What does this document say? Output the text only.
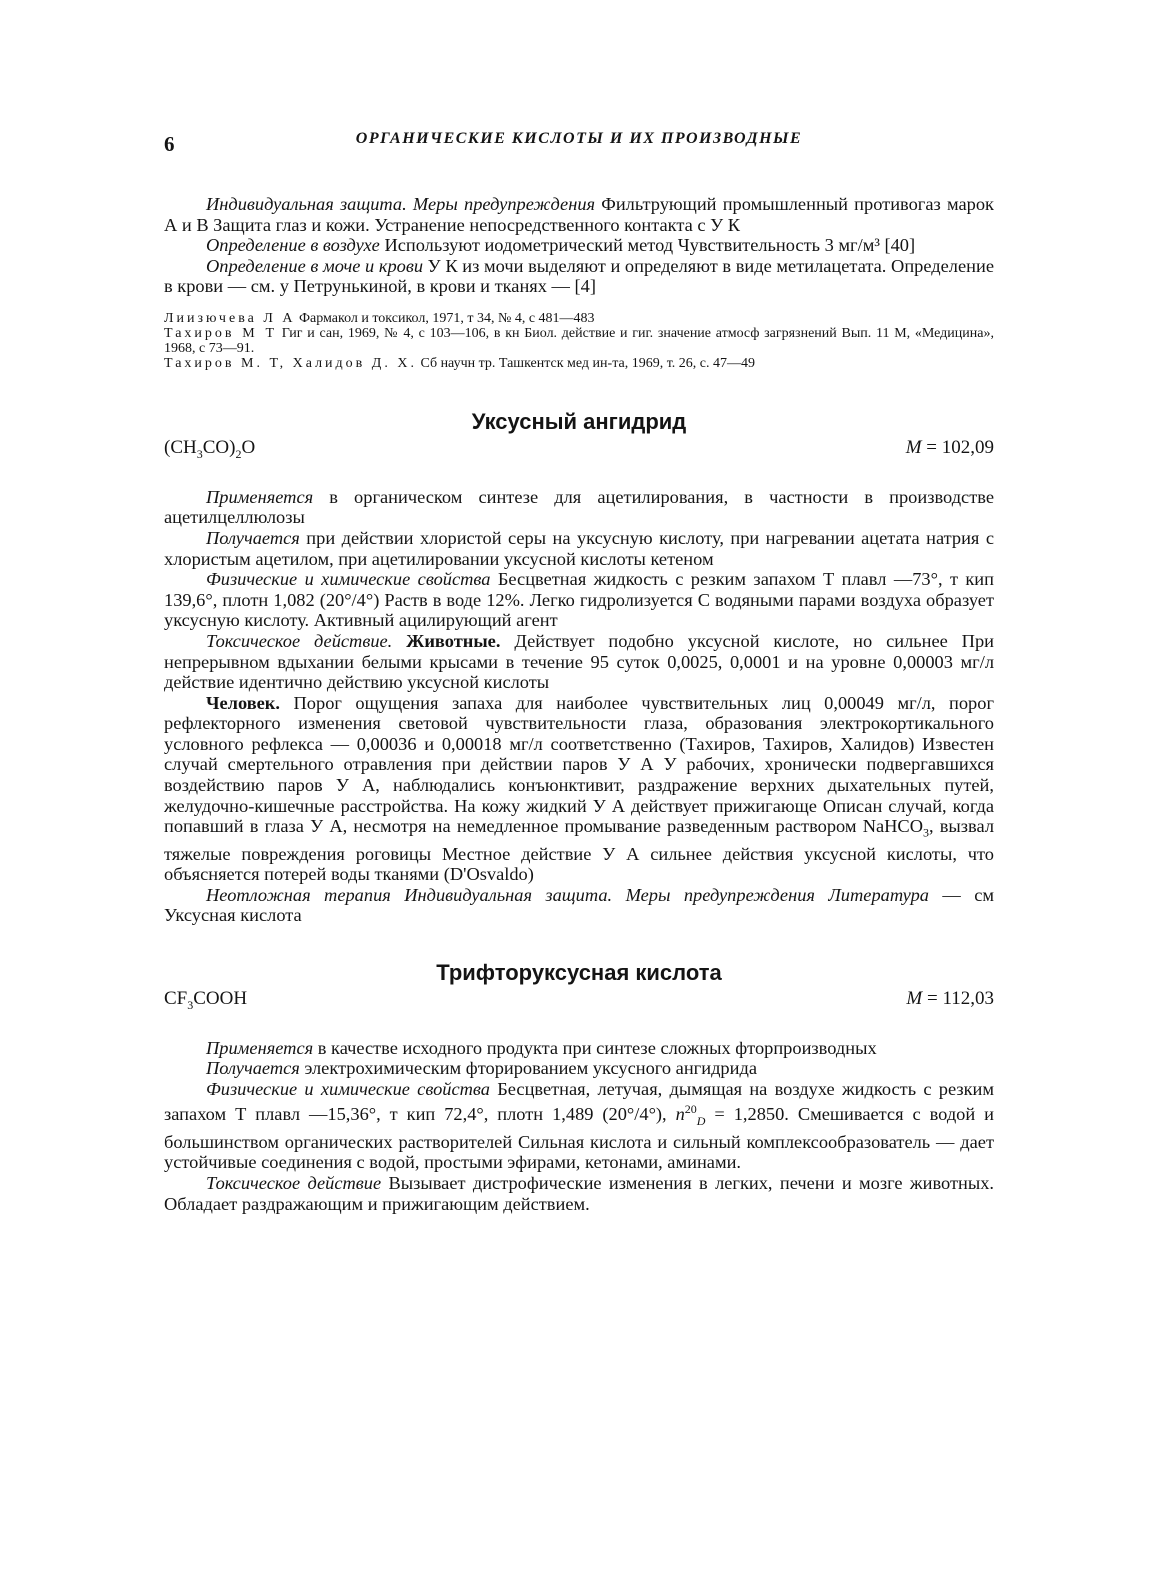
6	ОРГАНИЧЕСКИЕ КИСЛОТЫ И ИХ ПРОИЗВОДНЫЕ

Индивидуальная защита. Меры предупреждения Фильтрующий промышленный противогаз марок А и В Защита глаз и кожи. Устранение непосредственного контакта с У К

Определение в воздухе Используют иодометрический метод Чувствительность 3 мг/м³ [40]

Определение в моче и крови У К из мочи выделяют и определяют в виде метилацетата. Определение в крови — см. у Петрунькиной, в крови и тканях — [4]

Лиизючева Л А Фармакол и токсикол, 1971, т 34, № 4, с 481—483

Тахиров М Т Гиг и сан, 1969, № 4, с 103—106, в кн Биол. действие и гиг. значение атмосф загрязнений Вып. 11 М, «Медицина», 1968, с 73—91.

Тахиров М. Т, Халидов Д. Х. Сб научн тр. Ташкентск мед ин-та, 1969, т. 26, с. 47—49

Уксусный ангидрид
$(CH_3CO)_2O$	M = 102,09

Применяется в органическом синтезе для ацетилирования, в частности в производстве ацетилцеллюлозы

Получается при действии хлористой серы на уксусную кислоту, при нагревании ацетата натрия с хлористым ацетилом, при ацетилировании уксусной кислоты кетеном

Физические и химические свойства Бесцветная жидкость с резким запахом Т плавл —73°, т кип 139,6°, плотн 1,082 (20°/4°) Раств в воде 12%. Легко гидролизуется С водяными парами воздуха образует уксусную кислоту. Активный ацилирующий агент

Токсическое действие. Животные. Действует подобно уксусной кислоте, но сильнее При непрерывном вдыхании белыми крысами в течение 95 суток 0,0025, 0,0001 и на уровне 0,00003 мг/л действие идентично действию уксусной кислоты

Человек. Порог ощущения запаха для наиболее чувствительных лиц 0,00049 мг/л, порог рефлекторного изменения световой чувствительности глаза, образования электрокортикального условного рефлекса — 0,00036 и 0,00018 мг/л соответственно (Тахиров, Тахиров, Халидов) Известен случай смертельного отравления при действии паров У А У рабочих, хронически подвергавшихся воздействию паров У А, наблюдались конъюнктивит, раздражение верхних дыхательных путей, желудочно-кишечные расстройства. На кожу жидкий У А действует прижигающе Описан случай, когда попавший в глаза У А, несмотря на немедленное промывание разведенным раствором NaHCO$_3$, вызвал тяжелые повреждения роговицы Местное действие У А сильнее действия уксусной кислоты, что объясняется потерей воды тканями (D'Osvaldo)

Неотложная терапия Индивидуальная защита. Меры предупреждения Литература — см Уксусная кислота

Трифторуксусная кислота
$CF_3COOH$	M = 112,03

Применяется в качестве исходного продукта при синтезе сложных фторпроизводных

Получается электрохимическим фторированием уксусного ангидрида

Физические и химические свойства Бесцветная, летучая, дымящая на воздухе жидкость с резким запахом Т плавл —15,36°, т кип 72,4°, плотн 1,489 (20°/4°), $n^{20}_D = 1,2850$. Смешивается с водой и большинством органических растворителей Сильная кислота и сильный комплексообразователь — дает устойчивые соединения с водой, простыми эфирами, кетонами, аминами.

Токсическое действие Вызывает дистрофические изменения в легких, печени и мозге животных. Обладает раздражающим и прижигающим действием.
